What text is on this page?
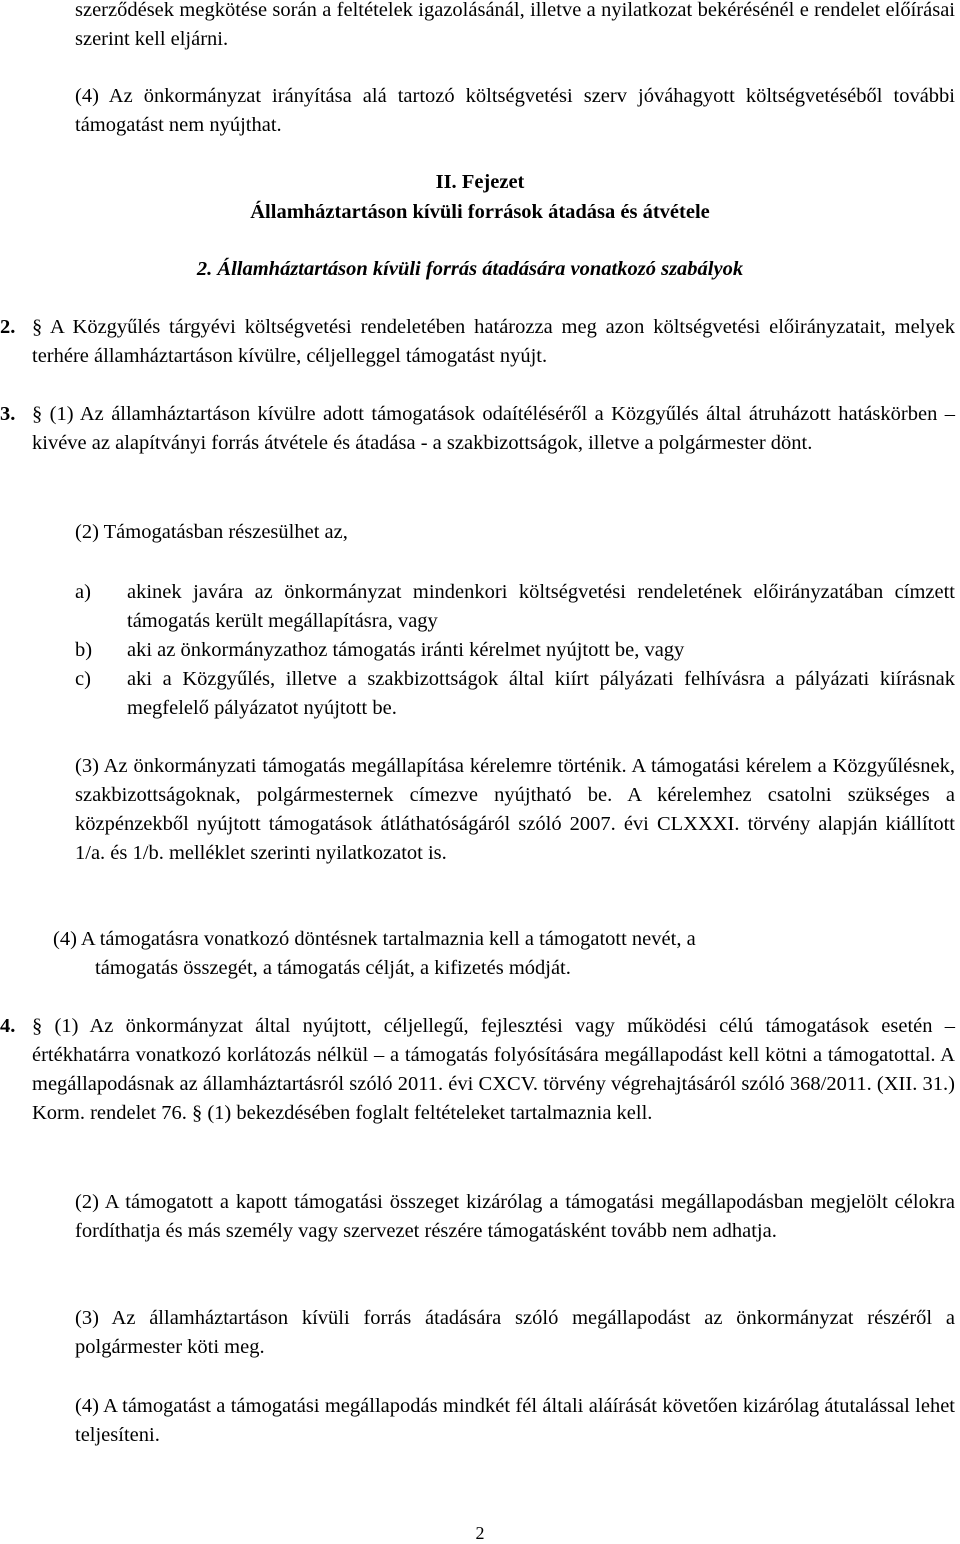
szerződések megkötése során a feltételek igazolásánál, illetve a nyilatkozat bekérésénél e rendelet előírásai szerint kell eljárni.
(4) Az önkormányzat irányítása alá tartozó költségvetési szerv jóváhagyott költségvetéséből további támogatást nem nyújthat.
II. Fejezet
Államháztartáson kívüli források átadása és átvétele
2. Államháztartáson kívüli forrás átadására vonatkozó szabályok
2. § A Közgyűlés tárgyévi költségvetési rendeletében határozza meg azon költségvetési előirányzatait, melyek terhére államháztartáson kívülre, céljelleggel támogatást nyújt.
3. § (1) Az államháztartáson kívülre adott támogatások odaítéléséről a Közgyűlés által átruházott hatáskörben – kivéve az alapítványi forrás átvétele és átadása - a szakbizottságok, illetve a polgármester dönt.
(2) Támogatásban részesülhet az,
a) akinek javára az önkormányzat mindenkori költségvetési rendeletének előirányzatában címzett támogatás került megállapításra, vagy
b) aki az önkormányzathoz támogatás iránti kérelmet nyújtott be, vagy
c) aki a Közgyűlés, illetve a szakbizottságok által kiírt pályázati felhívásra a pályázati kiírásnak megfelelő pályázatot nyújtott be.
(3) Az önkormányzati támogatás megállapítása kérelemre történik. A támogatási kérelem a Közgyűlésnek, szakbizottságoknak, polgármesternek címezve nyújtható be. A kérelemhez csatolni szükséges a közpénzekből nyújtott támogatások átláthatóságáról szóló 2007. évi CLXXXI. törvény alapján kiállított 1/a. és 1/b. melléklet szerinti nyilatkozatot is.
(4) A támogatásra vonatkozó döntésnek tartalmaznia kell a támogatott nevét, a
támogatás összegét, a támogatás célját, a kifizetés módját.
4. § (1) Az önkormányzat által nyújtott, céljellegű, fejlesztési vagy működési célú támogatások esetén – értékhatárra vonatkozó korlátozás nélkül – a támogatás folyósítására megállapodást kell kötni a támogatottal. A megállapodásnak az államháztartásról szóló 2011. évi CXCV. törvény végrehajtásáról szóló 368/2011. (XII. 31.) Korm. rendelet 76. § (1) bekezdésében foglalt feltételeket tartalmaznia kell.
(2) A támogatott a kapott támogatási összeget kizárólag a támogatási megállapodásban megjelölt célokra fordíthatja és más személy vagy szervezet részére támogatásként tovább nem adhatja.
(3) Az államháztartáson kívüli forrás átadására szóló megállapodást az önkormányzat részéről a polgármester köti meg.
(4) A támogatást a támogatási megállapodás mindkét fél általi aláírását követően kizárólag átutalással lehet teljesíteni.
2
